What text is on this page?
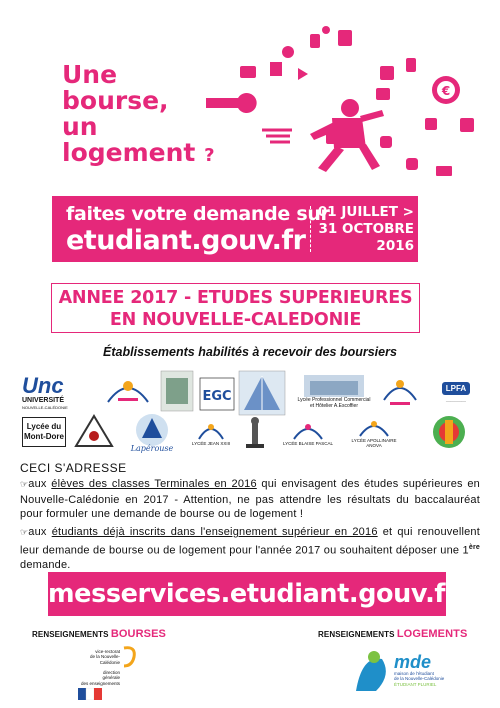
Une
bourse,
un
logement ?
€
faites votre demande sur
etudiant.gouv.fr
01 JUILLET >
31 OCTOBRE
2016
ANNEE 2017 - ETUDES SUPERIEURES
EN NOUVELLE-CALEDONIE
Établissements habilités à recevoir des boursiers
Unc
UNIVERSITÉ
NOUVELLE-CALÉDONIE
EGC	Lycée Professionnel Commercial
et Hôtelier A.Escoffier
LPFA
_________
Lycée du
Mont-Dore
Lapérouse
LYCÉE JEAN XXIII	LYCÉE BLAISE PASCAL	LYCÉE APOLLINAIRE ANOVA
CECI S'ADRESSE
☞aux élèves des classes Terminales en 2016 qui envisagent des études supérieures en Nouvelle-Calédonie en 2017 - Attention, ne pas attendre les résultats du baccalauréat pour formuler une demande de bourse ou de logement !
☞aux étudiants déjà inscrits dans l'enseignement supérieur en 2016 et qui renouvellent leur demande de bourse ou de logement pour l'année 2017 ou souhaitent déposer une 1ère demande.
messervices.etudiant.gouv.fr
RENSEIGNEMENTS BOURSES	RENSEIGNEMENTS LOGEMENTS
vice-rectorat
de la Nouvelle-Calédonie
direction
générale
des enseignements
mde
maison de l'étudiant
de la Nouvelle-Calédonie
ÉTUDIANT PLURIEL
